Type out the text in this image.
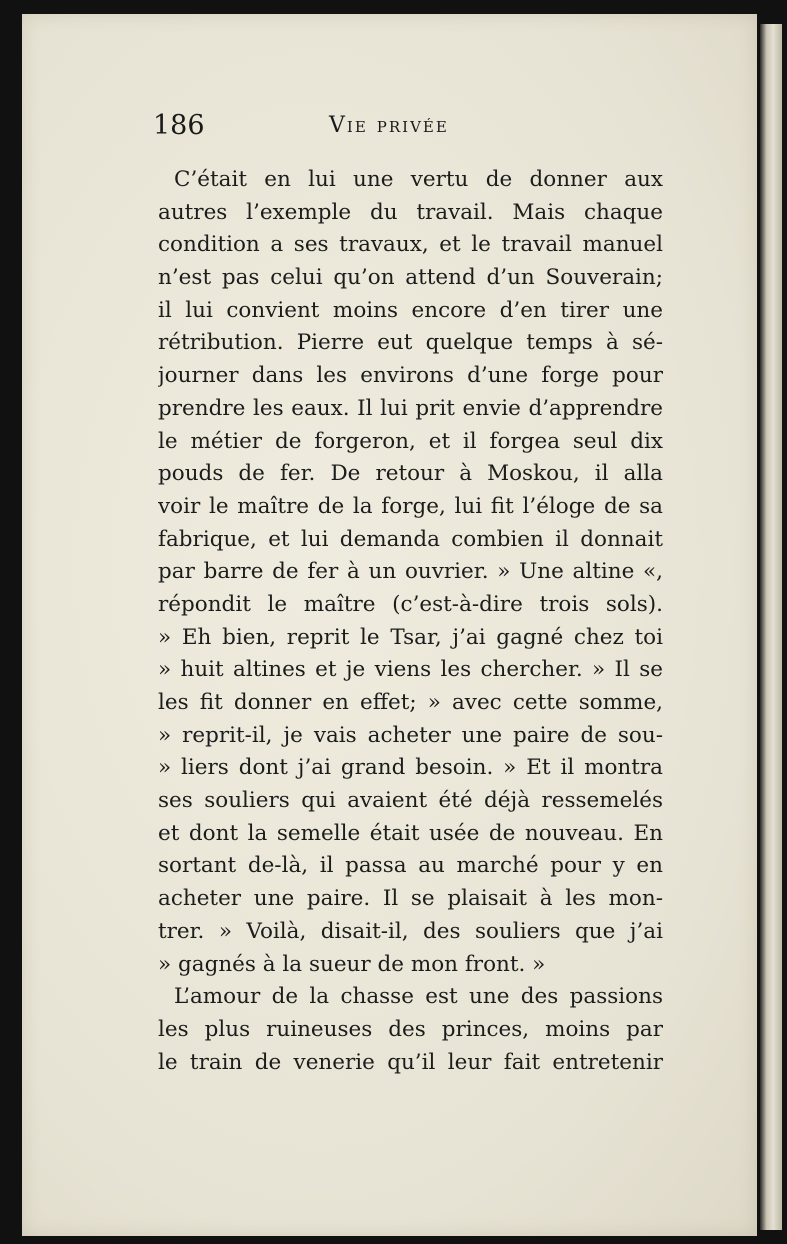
186	Vie privée
C’était en lui une vertu de donner aux
autres l’exemple du travail. Mais chaque
condition a ses travaux, et le travail manuel
n’est pas celui qu’on attend d’un Souverain;
il lui convient moins encore d’en tirer une
rétribution. Pierre eut quelque temps à sé-
journer dans les environs d’une forge pour
prendre les eaux. Il lui prit envie d’apprendre
le métier de forgeron, et il forgea seul dix
pouds de fer. De retour à Moskou, il alla
voir le maître de la forge, lui fit l’éloge de sa
fabrique, et lui demanda combien il donnait
par barre de fer à un ouvrier. » Une altine «,
répondit le maître (c’est-à-dire trois sols).
» Eh bien, reprit le Tsar, j’ai gagné chez toi
» huit altines et je viens les chercher. » Il se
les fit donner en effet; » avec cette somme,
» reprit-il, je vais acheter une paire de sou-
» liers dont j’ai grand besoin. » Et il montra
ses souliers qui avaient été déjà ressemelés
et dont la semelle était usée de nouveau. En
sortant de-là, il passa au marché pour y en
acheter une paire. Il se plaisait à les mon-
trer. » Voilà, disait-il, des souliers que j’ai
» gagnés à la sueur de mon front. »
L’amour de la chasse est une des passions
les plus ruineuses des princes, moins par
le train de venerie qu’il leur fait entretenir
